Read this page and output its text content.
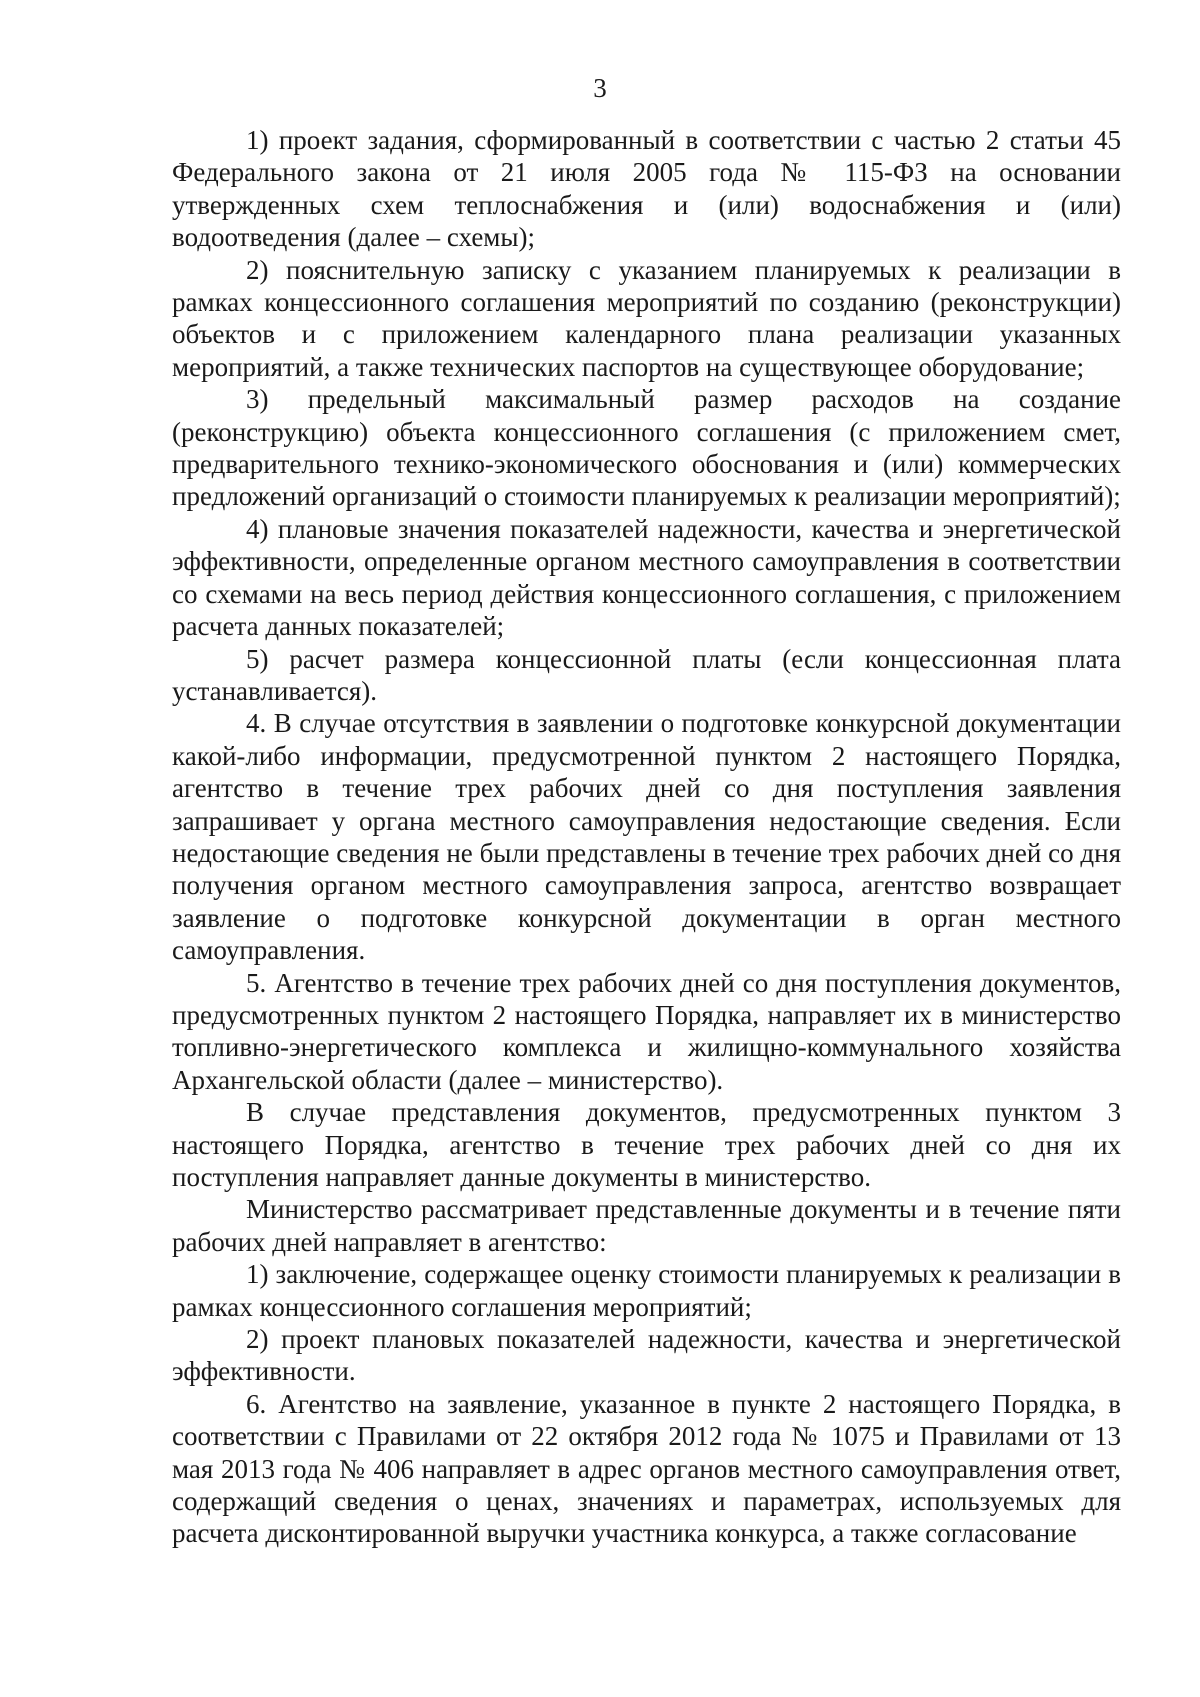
3

1) проект задания, сформированный в соответствии с частью 2 статьи 45 Федерального закона от 21 июля 2005 года № 115-ФЗ на основании утвержденных схем теплоснабжения и (или) водоснабжения и (или) водоотведения (далее – схемы);

2) пояснительную записку с указанием планируемых к реализации в рамках концессионного соглашения мероприятий по созданию (реконструкции) объектов и с приложением календарного плана реализации указанных мероприятий, а также технических паспортов на существующее оборудование;

3) предельный максимальный размер расходов на создание (реконструкцию) объекта концессионного соглашения (с приложением смет, предварительного технико-экономического обоснования и (или) коммерческих предложений организаций о стоимости планируемых к реализации мероприятий);

4) плановые значения показателей надежности, качества и энергетической эффективности, определенные органом местного самоуправления в соответствии со схемами на весь период действия концессионного соглашения, с приложением расчета данных показателей;

5) расчет размера концессионной платы (если концессионная плата устанавливается).

4. В случае отсутствия в заявлении о подготовке конкурсной документации какой-либо информации, предусмотренной пунктом 2 настоящего Порядка, агентство в течение трех рабочих дней со дня поступления заявления запрашивает у органа местного самоуправления недостающие сведения. Если недостающие сведения не были представлены в течение трех рабочих дней со дня получения органом местного самоуправления запроса, агентство возвращает заявление о подготовке конкурсной документации в орган местного самоуправления.

5. Агентство в течение трех рабочих дней со дня поступления документов, предусмотренных пунктом 2 настоящего Порядка, направляет их в министерство топливно-энергетического комплекса и жилищно-коммунального хозяйства Архангельской области (далее – министерство).

В случае представления документов, предусмотренных пунктом 3 настоящего Порядка, агентство в течение трех рабочих дней со дня их поступления направляет данные документы в министерство.

Министерство рассматривает представленные документы и в течение пяти рабочих дней направляет в агентство:

1) заключение, содержащее оценку стоимости планируемых к реализации в рамках концессионного соглашения мероприятий;

2) проект плановых показателей надежности, качества и энергетической эффективности.

6. Агентство на заявление, указанное в пункте 2 настоящего Порядка, в соответствии с Правилами от 22 октября 2012 года № 1075 и Правилами от 13 мая 2013 года № 406 направляет в адрес органов местного самоуправления ответ, содержащий сведения о ценах, значениях и параметрах, используемых для расчета дисконтированной выручки участника конкурса, а также согласование
